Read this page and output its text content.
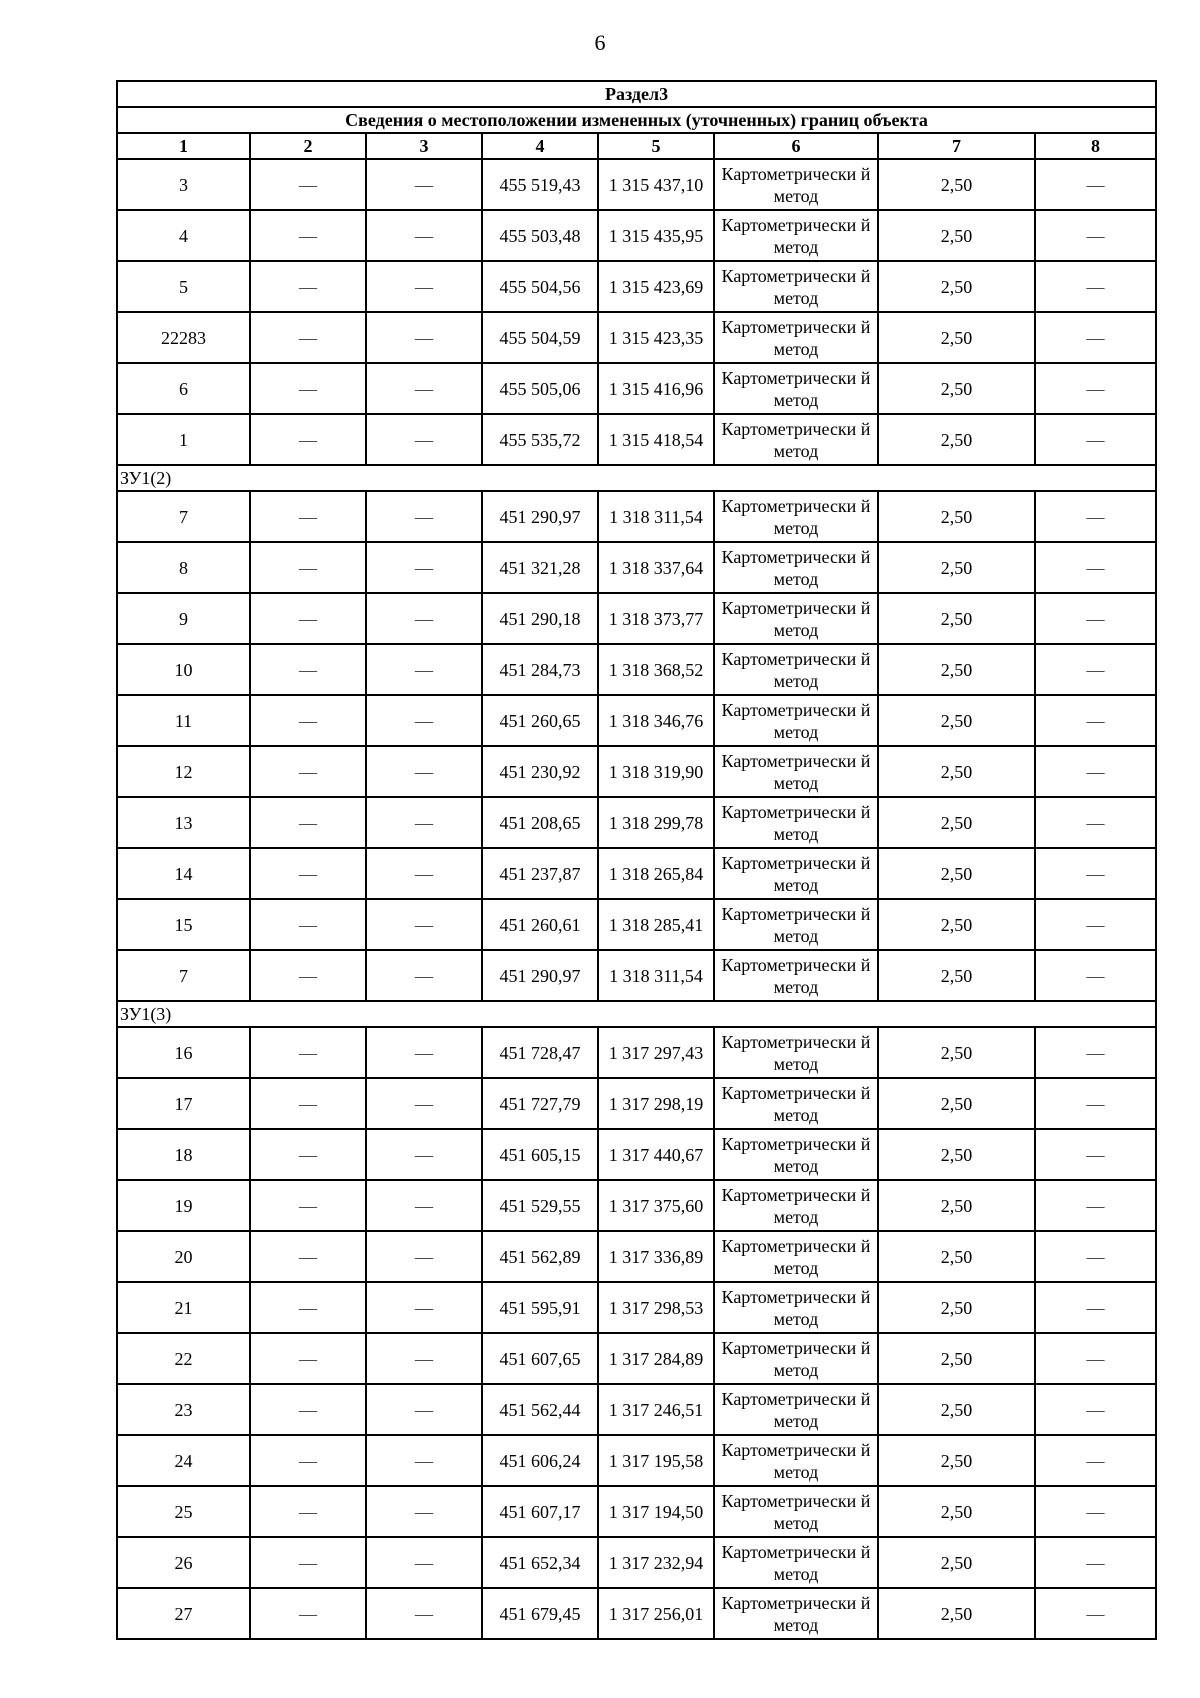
6
Раздел3							
Сведения о местоположении измененных (уточненных) границ объекта							
1	2	3	4	5	6	7	8
3	—	—	455 519,43	1 315 437,10	Картометрически й метод	2,50	—
4	—	—	455 503,48	1 315 435,95	Картометрически й метод	2,50	—
5	—	—	455 504,56	1 315 423,69	Картометрически й метод	2,50	—
22283	—	—	455 504,59	1 315 423,35	Картометрически й метод	2,50	—
6	—	—	455 505,06	1 315 416,96	Картометрически й метод	2,50	—
1	—	—	455 535,72	1 315 418,54	Картометрически й метод	2,50	—
ЗУ1(2)							
7	—	—	451 290,97	1 318 311,54	Картометрически й метод	2,50	—
8	—	—	451 321,28	1 318 337,64	Картометрически й метод	2,50	—
9	—	—	451 290,18	1 318 373,77	Картометрически й метод	2,50	—
10	—	—	451 284,73	1 318 368,52	Картометрически й метод	2,50	—
11	—	—	451 260,65	1 318 346,76	Картометрически й метод	2,50	—
12	—	—	451 230,92	1 318 319,90	Картометрически й метод	2,50	—
13	—	—	451 208,65	1 318 299,78	Картометрически й метод	2,50	—
14	—	—	451 237,87	1 318 265,84	Картометрически й метод	2,50	—
15	—	—	451 260,61	1 318 285,41	Картометрически й метод	2,50	—
7	—	—	451 290,97	1 318 311,54	Картометрически й метод	2,50	—
ЗУ1(3)							
16	—	—	451 728,47	1 317 297,43	Картометрически й метод	2,50	—
17	—	—	451 727,79	1 317 298,19	Картометрически й метод	2,50	—
18	—	—	451 605,15	1 317 440,67	Картометрически й метод	2,50	—
19	—	—	451 529,55	1 317 375,60	Картометрически й метод	2,50	—
20	—	—	451 562,89	1 317 336,89	Картометрически й метод	2,50	—
21	—	—	451 595,91	1 317 298,53	Картометрически й метод	2,50	—
22	—	—	451 607,65	1 317 284,89	Картометрически й метод	2,50	—
23	—	—	451 562,44	1 317 246,51	Картометрически й метод	2,50	—
24	—	—	451 606,24	1 317 195,58	Картометрически й метод	2,50	—
25	—	—	451 607,17	1 317 194,50	Картометрически й метод	2,50	—
26	—	—	451 652,34	1 317 232,94	Картометрически й метод	2,50	—
27	—	—	451 679,45	1 317 256,01	Картометрически й метод	2,50	—
